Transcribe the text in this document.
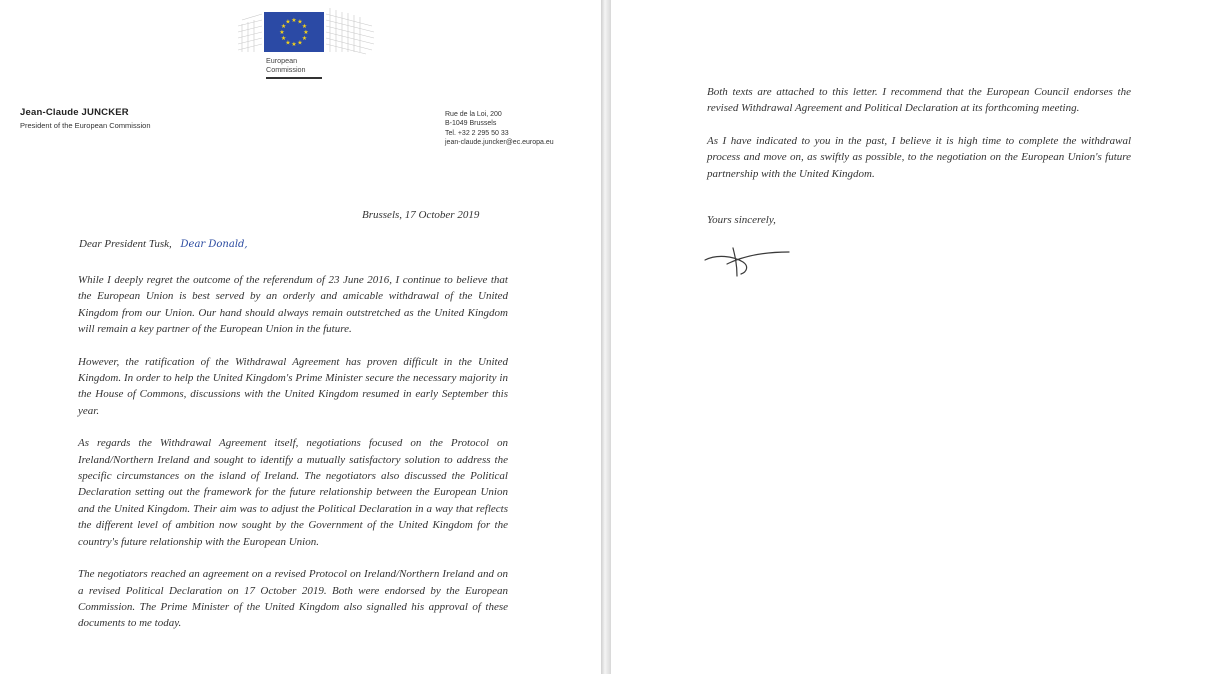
★ ★
★
★
★
★
★
★
★
★
★
★
European
Commission
Jean-Claude JUNCKER
President of the European Commission
Rue de la Loi, 200
B-1049 Brussels
Tel. +32 2 295 50 33
jean-claude.juncker@ec.europa.eu
Brussels, 17 October 2019
Dear President Tusk, Dear Donald,

While I deeply regret the outcome of the referendum of 23 June 2016, I continue to believe that the European Union is best served by an orderly and amicable withdrawal of the United Kingdom from our Union. Our hand should always remain outstretched as the United Kingdom will remain a key partner of the European Union in the future.

However, the ratification of the Withdrawal Agreement has proven difficult in the United Kingdom. In order to help the United Kingdom's Prime Minister secure the necessary majority in the House of Commons, discussions with the United Kingdom resumed in early September this year.

As regards the Withdrawal Agreement itself, negotiations focused on the Protocol on Ireland/Northern Ireland and sought to identify a mutually satisfactory solution to address the specific circumstances on the island of Ireland. The negotiators also discussed the Political Declaration setting out the framework for the future relationship between the European Union and the United Kingdom. Their aim was to adjust the Political Declaration in a way that reflects the different level of ambition now sought by the Government of the United Kingdom for the country's future relationship with the European Union.

The negotiators reached an agreement on a revised Protocol on Ireland/Northern Ireland and on a revised Political Declaration on 17 October 2019. Both were endorsed by the European Commission. The Prime Minister of the United Kingdom also signalled his approval of these documents to me today.

Both texts are attached to this letter. I recommend that the European Council endorses the revised Withdrawal Agreement and Political Declaration at its forthcoming meeting.

As I have indicated to you in the past, I believe it is high time to complete the withdrawal process and move on, as swiftly as possible, to the negotiation on the European Union's future partnership with the United Kingdom.

Yours sincerely,
